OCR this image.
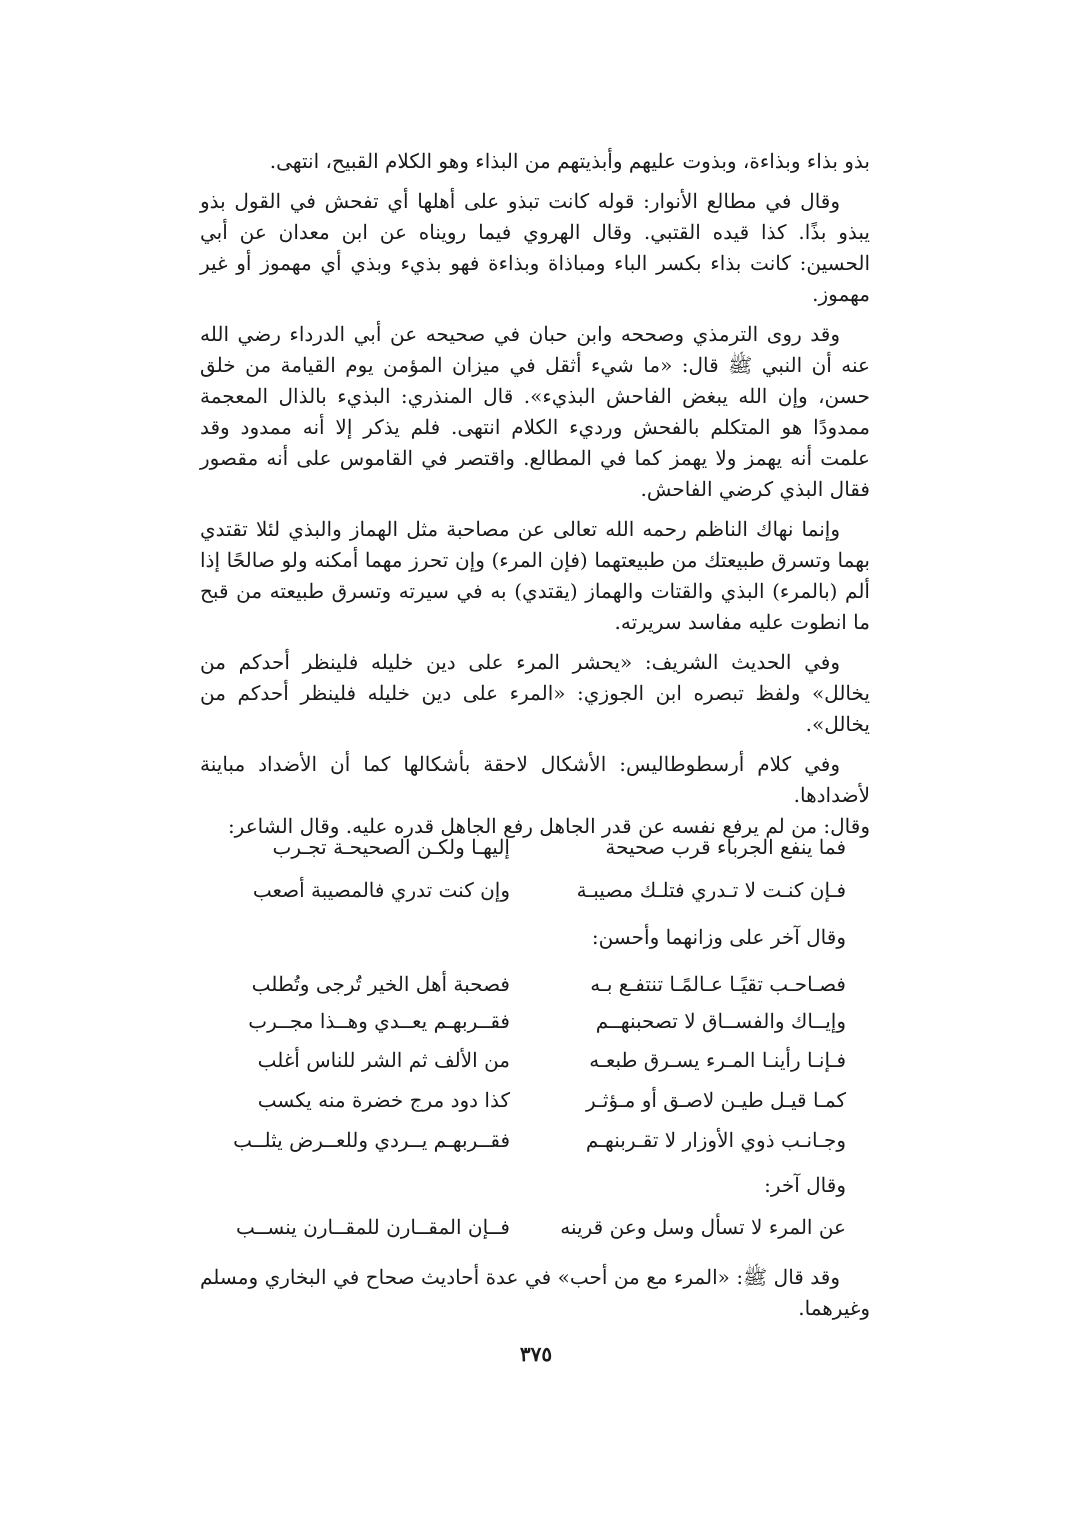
بذو بذاء وبذاءة، وبذوت عليهم وأبذيتهم من البذاء وهو الكلام القبيح، انتهى.

وقال في مطالع الأنوار: قوله كانت تبذو على أهلها أي تفحش في القول بذو يبذو بذًا. كذا قيده القتبي. وقال الهروي فيما رويناه عن ابن معدان عن أبي الحسين: كانت بذاء بكسر الباء ومباذاة وبذاءة فهو بذيء وبذي أي مهموز أو غير مهموز.

وقد روى الترمذي وصححه وابن حبان في صحيحه عن أبي الدرداء رضي الله عنه أن النبي ﷺ قال: «ما شيء أثقل في ميزان المؤمن يوم القيامة من خلق حسن، وإن الله يبغض الفاحش البذيء». قال المنذري: البذيء بالذال المعجمة ممدودًا هو المتكلم بالفحش ورديء الكلام انتهى. فلم يذكر إلا أنه ممدود وقد علمت أنه يهمز ولا يهمز كما في المطالع. واقتصر في القاموس على أنه مقصور فقال البذي كرضي الفاحش.

وإنما نهاك الناظم رحمه الله تعالى عن مصاحبة مثل الهماز والبذي لئلا تقتدي بهما وتسرق طبيعتك من طبيعتهما (فإن المرء) وإن تحرز مهما أمكنه ولو صالحًا إذا ألم (بالمرء) البذي والقتات والهماز (يقتدي) به في سيرته وتسرق طبيعته من قبح ما انطوت عليه مفاسد سريرته.

وفي الحديث الشريف: «يحشر المرء على دين خليله فلينظر أحدكم من يخالل» ولفظ تبصره ابن الجوزي: «المرء على دين خليله فلينظر أحدكم من يخالل».

وفي كلام أرسطوطاليس: الأشكال لاحقة بأشكالها كما أن الأضداد مباينة لأضدادها.

وقال: من لم يرفع نفسه عن قدر الجاهل رفع الجاهل قدره عليه. وقال الشاعر:

فما ينفع الجرباء قرب صحيحة
إليهـا ولكـن الصحيحـة تجـرب
فـإن كنـت لا تـدري فتلـك مصيبـة
وإن كنت تدري فالمصيبة أصعب
وقال آخر على وزانهما وأحسن:
فصـاحـب تقيًـا عـالمًـا تنتفـع بـه
فصحبة أهل الخير تُرجى وتُطلب
وإيــاك والفســاق لا تصحبنهــم
فقــربهـم يعــدي وهــذا مجــرب
فـإنـا رأينـا المـرء يسـرق طبعـه
من الألف ثم الشر للناس أغلب
كمـا قيـل طيـن لاصـق أو مـؤثـر
كذا دود مرج خضرة منه يكسب
وجـانـب ذوي الأوزار لا تقـربنهـم
فقــربهـم يــردي وللعــرض يثلــب
وقال آخر:
عن المرء لا تسأل وسل وعن قرينه
فــإن المقــارن للمقــارن ينســب

وقد قال ﷺ: «المرء مع من أحب» في عدة أحاديث صحاح في البخاري ومسلم وغيرهما.

٣٧٥
